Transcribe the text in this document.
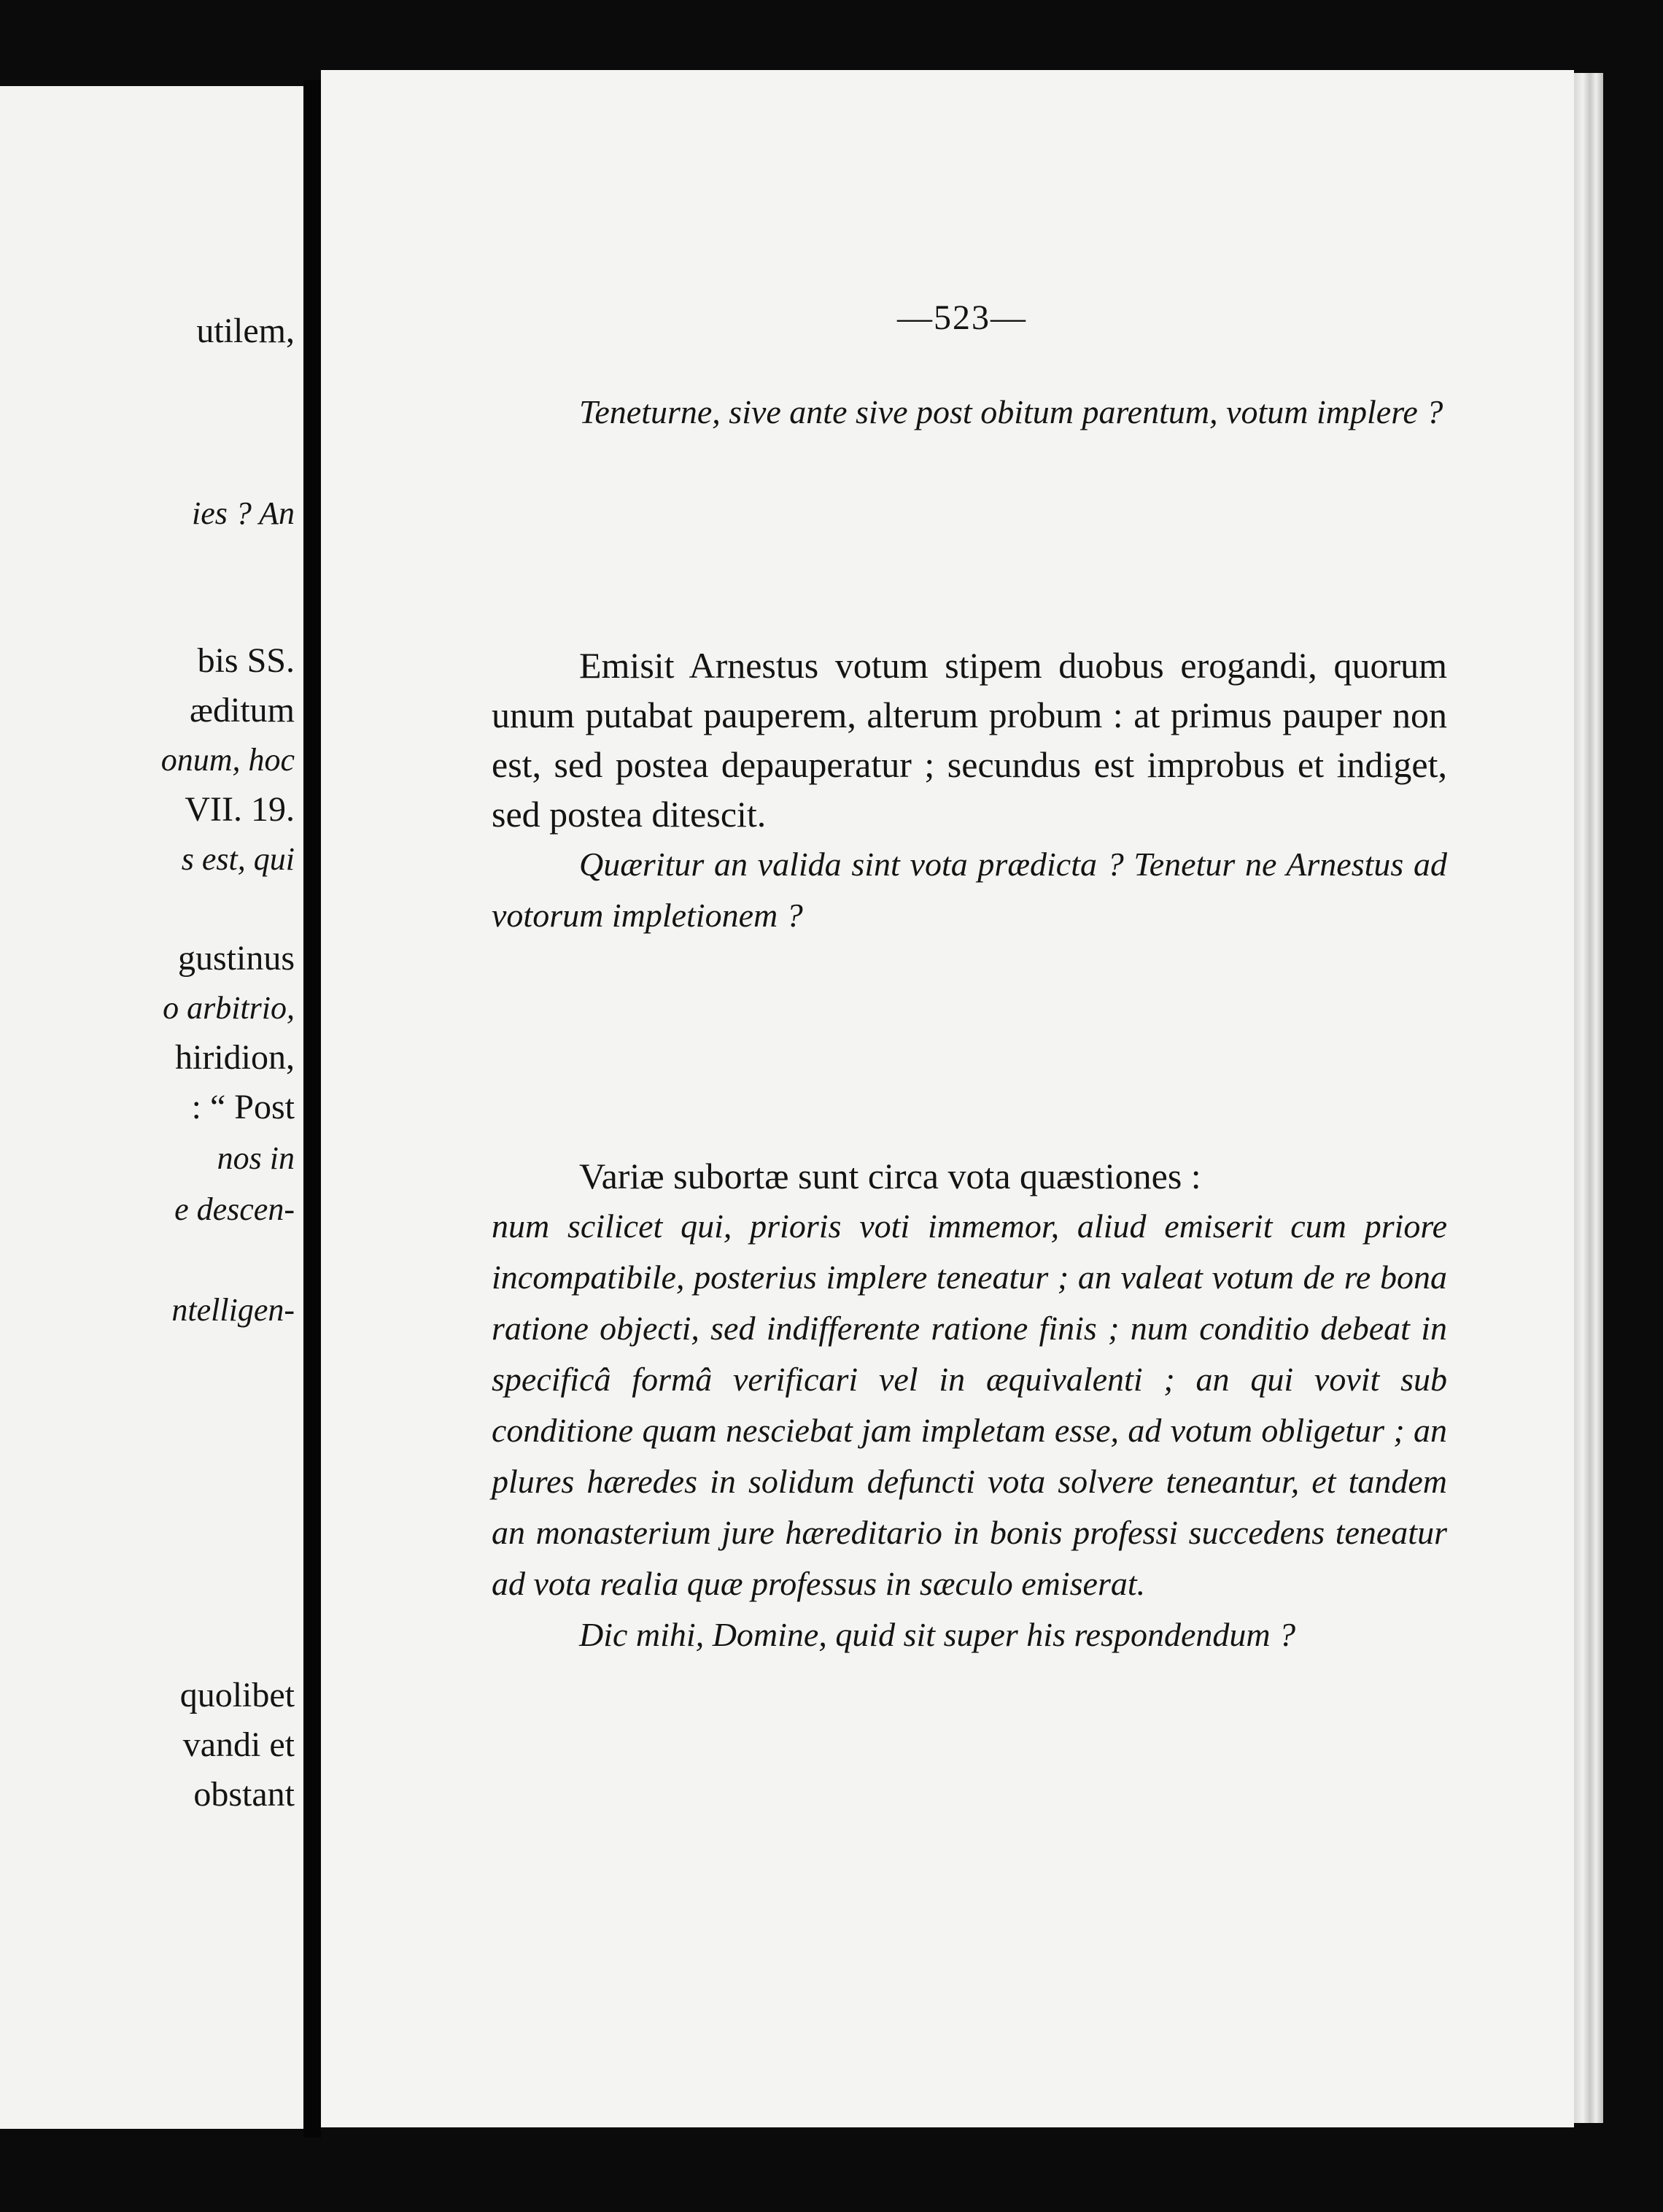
utilem,
ies ? An
bis SS.
æditum
onum, hoc
VII. 19.
s est, qui
gustinus
o arbitrio,
hiridion,
: “ Post
nos in
e descen-
ntelligen-
quolibet
vandi et
obstant
—523—

Teneturne, sive ante sive post obitum parentum, votum implere ?

Emisit Arnestus votum stipem duobus erogandi, quorum unum putabat pauperem, alterum probum : at primus pauper non est, sed postea depauperatur ; secundus est improbus et indiget, sed postea ditescit.

Quæritur an valida sint vota prædicta ? Tenetur ne Arnestus ad votorum impletionem ?

Variæ subortæ sunt circa vota quæstiones :

num scilicet qui, prioris voti immemor, aliud emiserit cum priore incompatibile, posterius implere teneatur ; an valeat votum de re bona ratione objecti, sed indifferente ratione finis ; num conditio debeat in specificâ formâ verificari vel in æquivalenti ; an qui vovit sub conditione quam nesciebat jam impletam esse, ad votum obligetur ; an plures hæredes in solidum defuncti vota solvere teneantur, et tandem an monasterium jure hæreditario in bonis professi succedens teneatur ad vota realia quæ professus in sæculo emiserat.

Dic mihi, Domine, quid sit super his respondendum ?
